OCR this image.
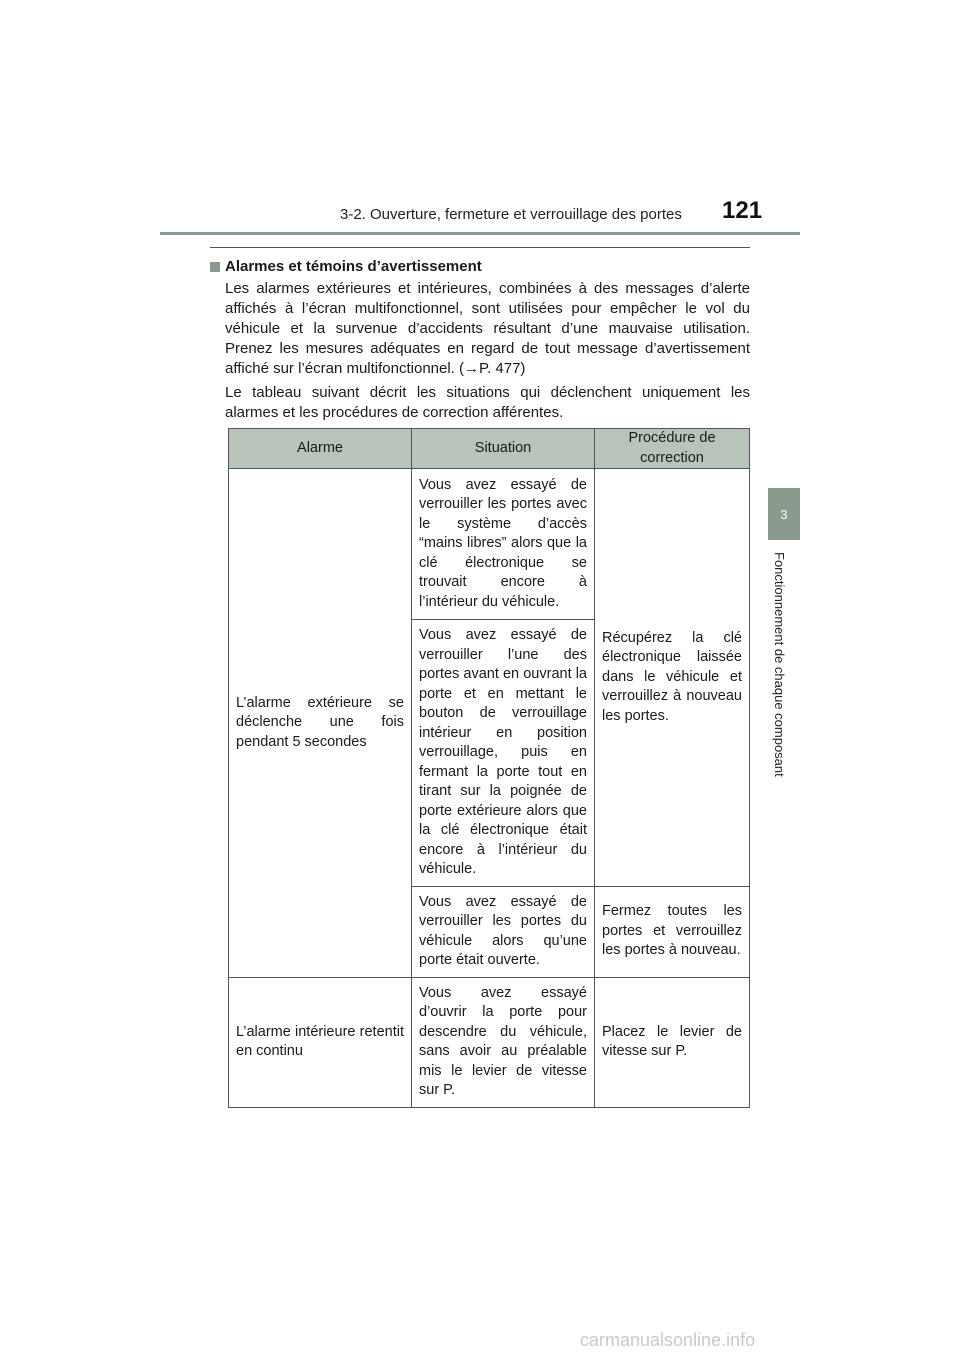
3-2. Ouverture, fermeture et verrouillage des portes 121
3
Fonctionnement de chaque composant
Alarmes et témoins d’avertissement

Les alarmes extérieures et intérieures, combinées à des messages d’alerte affichés à l’écran multifonctionnel, sont utilisées pour empêcher le vol du véhicule et la survenue d’accidents résultant d’une mauvaise utilisation. Prenez les mesures adéquates en regard de tout message d’avertissement affiché sur l’écran multifonctionnel. (→P. 477)

Le tableau suivant décrit les situations qui déclenchent uniquement les alarmes et les procédures de correction afférentes.

Alarme	Situation	Procédure de correction
L’alarme extérieure se déclenche une fois pendant 5 secondes	Vous avez essayé de verrouiller les portes avec le système d’accès “mains libres” alors que la clé électronique se trouvait encore à l’intérieur du véhicule.	Récupérez la clé électronique laissée dans le véhicule et verrouillez à nouveau les portes.
	Vous avez essayé de verrouiller l’une des portes avant en ouvrant la porte et en mettant le bouton de verrouillage intérieur en position verrouillage, puis en fermant la porte tout en tirant sur la poignée de porte extérieure alors que la clé électronique était encore à l’intérieur du véhicule.	
	Vous avez essayé de verrouiller les portes du véhicule alors qu’une porte était ouverte.	Fermez toutes les portes et verrouillez les portes à nouveau.
L’alarme intérieure retentit en continu	Vous avez essayé d’ouvrir la porte pour descendre du véhicule, sans avoir au préalable mis le levier de vitesse sur P.	Placez le levier de vitesse sur P.
carmanualsonline.info
